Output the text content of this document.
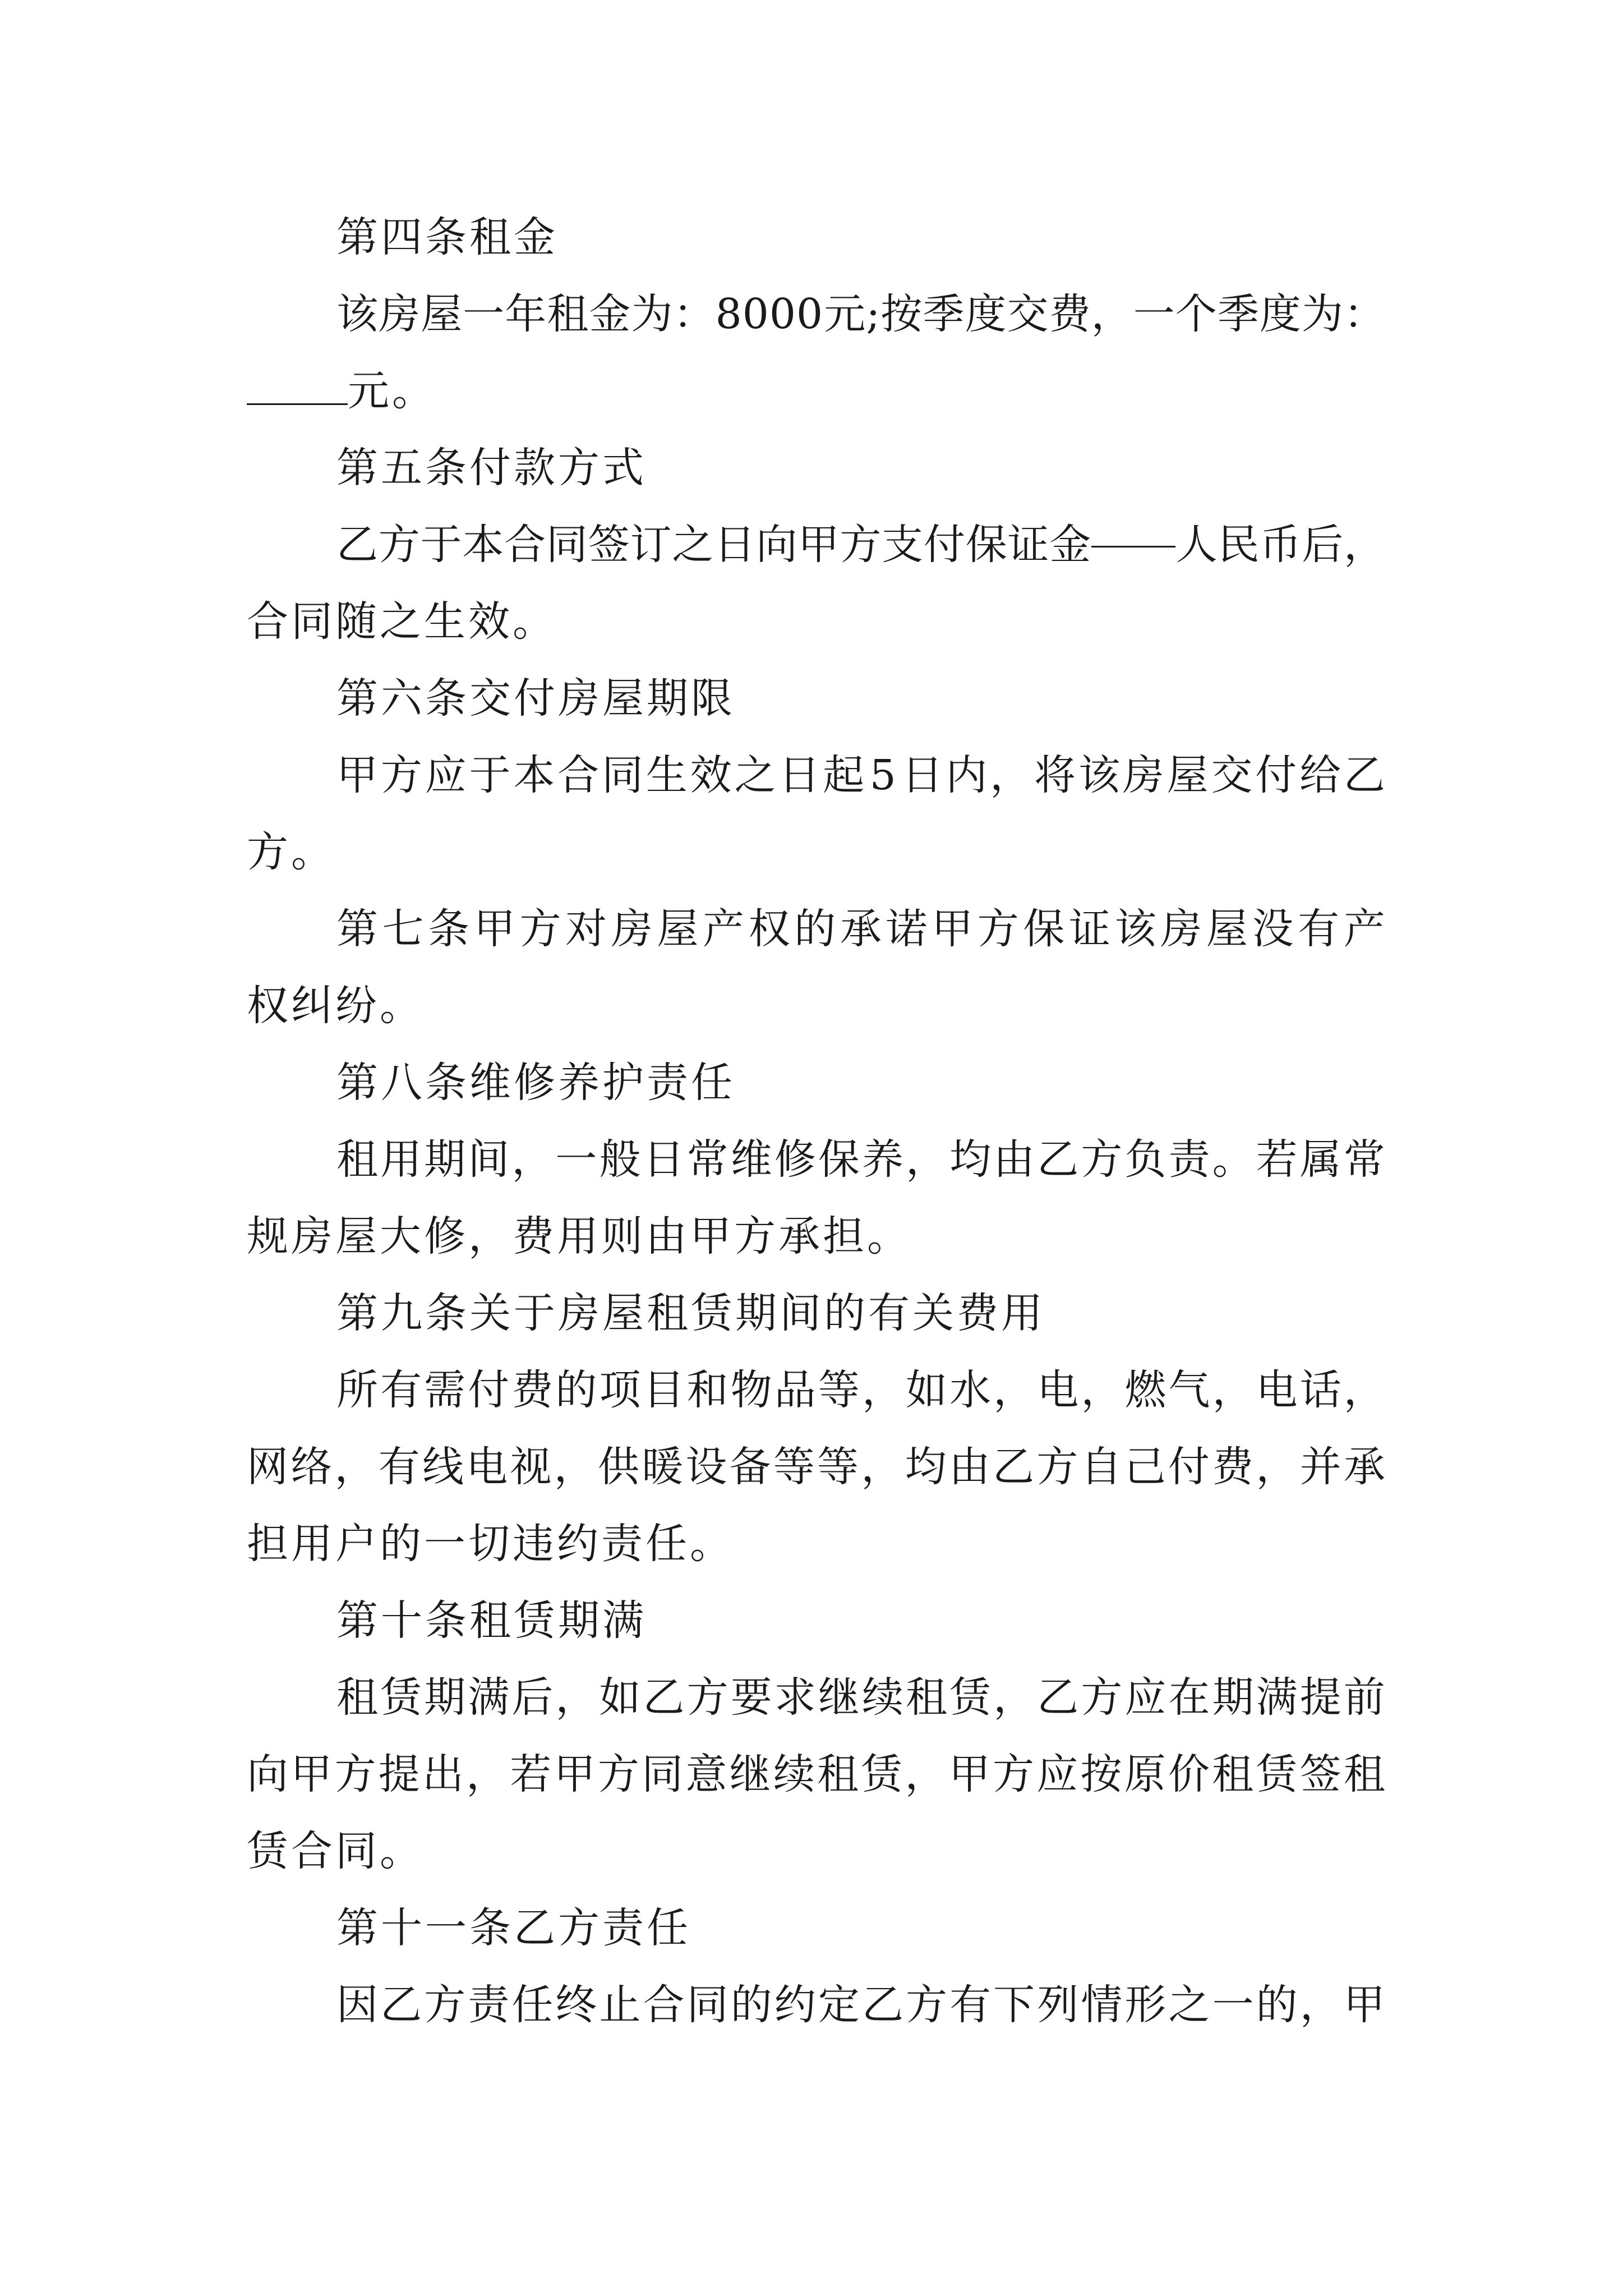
第四条租金
该 房 屋 一 年 租 金 为 ： 8 0 0 0 元 ; 按 季 度 交 费 ， 一 个 季 度 为 ：
元。
第五条付款方式
乙 方 于 本 合 同 签 订 之 日 向 甲 方 支 付 保 证 金 人 民 币 后 ，
合同随之生效。
第六条交付房屋期限
甲 方 应 于 本 合 同 生 效 之 日 起 5 日 内 ， 将 该 房 屋 交 付 给 乙
方。
第 七 条 甲 方 对 房 屋 产 权 的 承 诺 甲 方 保 证 该 房 屋 没 有 产
权纠纷。
第八条维修养护责任
租 用 期 间 ， 一 般 日 常 维 修 保 养 ， 均 由 乙 方 负 责 。 若 属 常
规房屋大修，费用则由甲方承担。
第九条关于房屋租赁期间的有关费用
所 有 需 付 费 的 项 目 和 物 品 等 ， 如 水 ， 电 ， 燃 气 ， 电 话 ，
网 络 ， 有 线 电 视 ， 供 暖 设 备 等 等 ， 均 由 乙 方 自 己 付 费 ， 并 承
担用户的一切违约责任。
第十条租赁期满
租 赁 期 满 后 ， 如 乙 方 要 求 继 续 租 赁 ， 乙 方 应 在 期 满 提 前
向 甲 方 提 出 ， 若 甲 方 同 意 继 续 租 赁 ， 甲 方 应 按 原 价 租 赁 签 租
赁合同。
第十一条乙方责任
因 乙 方 责 任 终 止 合 同 的 约 定 乙 方 有 下 列 情 形 之 一 的 ， 甲
